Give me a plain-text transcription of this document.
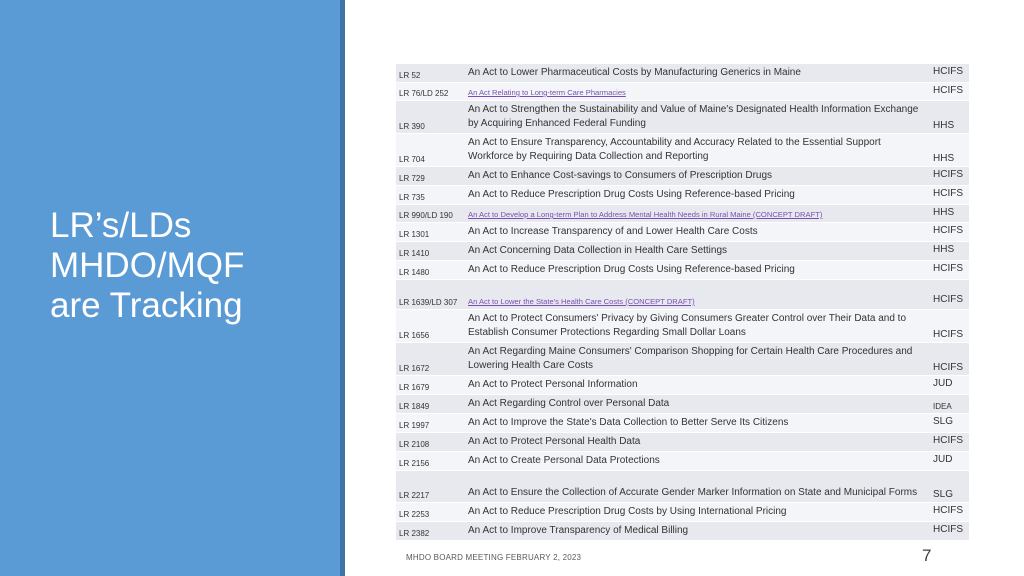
LR’s/LDs
MHDO/MQF
are Tracking
LR 52	An Act to Lower Pharmaceutical Costs by Manufacturing Generics in Maine	HCIFS
LR 76/LD 252	An Act Relating to Long-term Care Pharmacies	HCIFS
LR 390	An Act to Strengthen the Sustainability and Value of Maine's Designated Health Information Exchange by Acquiring Enhanced Federal Funding	HHS
LR 704	An Act to Ensure Transparency, Accountability and Accuracy Related to the Essential Support Workforce by Requiring Data Collection and Reporting	HHS
LR 729	An Act to Enhance Cost-savings to Consumers of Prescription Drugs	HCIFS
LR 735	An Act to Reduce Prescription Drug Costs Using Reference-based Pricing	HCIFS
LR 990/LD 190	An Act to Develop a Long-term Plan to Address Mental Health Needs in Rural Maine (CONCEPT DRAFT)	HHS
LR 1301	An Act to Increase Transparency of and Lower Health Care Costs	HCIFS
LR 1410	An Act Concerning Data Collection in Health Care Settings	HHS
LR 1480	An Act to Reduce Prescription Drug Costs Using Reference-based Pricing	HCIFS
LR 1639/LD 307	An Act to Lower the State's Health Care Costs (CONCEPT DRAFT)	HCIFS
LR 1656	An Act to Protect Consumers' Privacy by Giving Consumers Greater Control over Their Data and to Establish Consumer Protections Regarding Small Dollar Loans	HCIFS
LR 1672	An Act Regarding Maine Consumers' Comparison Shopping for Certain Health Care Procedures and Lowering Health Care Costs	HCIFS
LR 1679	An Act to Protect Personal Information	JUD
LR 1849	An Act Regarding Control over Personal Data	IDEA
LR 1997	An Act to Improve the State's Data Collection to Better Serve Its Citizens	SLG
LR 2108	An Act to Protect Personal Health Data	HCIFS
LR 2156	An Act to Create Personal Data Protections	JUD
LR 2217	An Act to Ensure the Collection of Accurate Gender Marker Information on State and Municipal Forms	SLG
LR 2253	An Act to Reduce Prescription Drug Costs by Using International Pricing	HCIFS
LR 2382	An Act to Improve Transparency of Medical Billing	HCIFS
MHDO BOARD MEETING FEBRUARY 2, 2023	7
